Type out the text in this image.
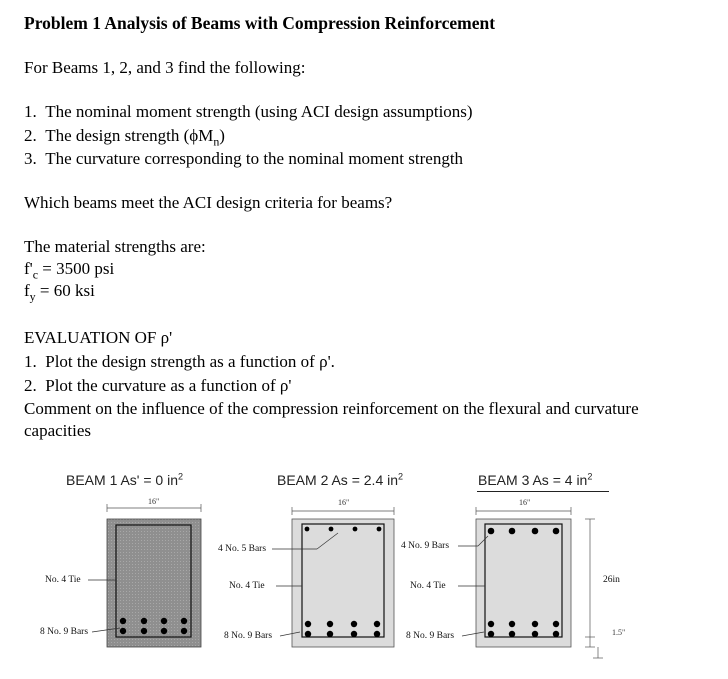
Problem 1 Analysis of Beams with Compression Reinforcement
For Beams 1, 2, and 3 find the following:
1. The nominal moment strength (using ACI design assumptions)
2. The design strength $(\phi M_n)$
3. The curvature corresponding to the nominal moment strength
Which beams meet the ACI design criteria for beams?
The material strengths are:
$f'_c = 3500$ psi
$f_y = 60$ ksi
EVALUATION OF ρ'
1. Plot the design strength as a function of ρ'.
2. Plot the curvature as a function of ρ'
Comment on the influence of the compression reinforcement on the flexural and curvature
capacities
BEAM 1 As' = 0 $in^2$	BEAM 2 As = 2.4 $in^2$	BEAM 3 As = 4 $in^2$
No. 4 Tie
8 No. 9 Bars
16"
4 No. 5 Bars
No. 4 Tie
8 No. 9 Bars
16"
4 No. 9 Bars
No. 4 Tie
8 No. 9 Bars
16"
26in
1.5"
